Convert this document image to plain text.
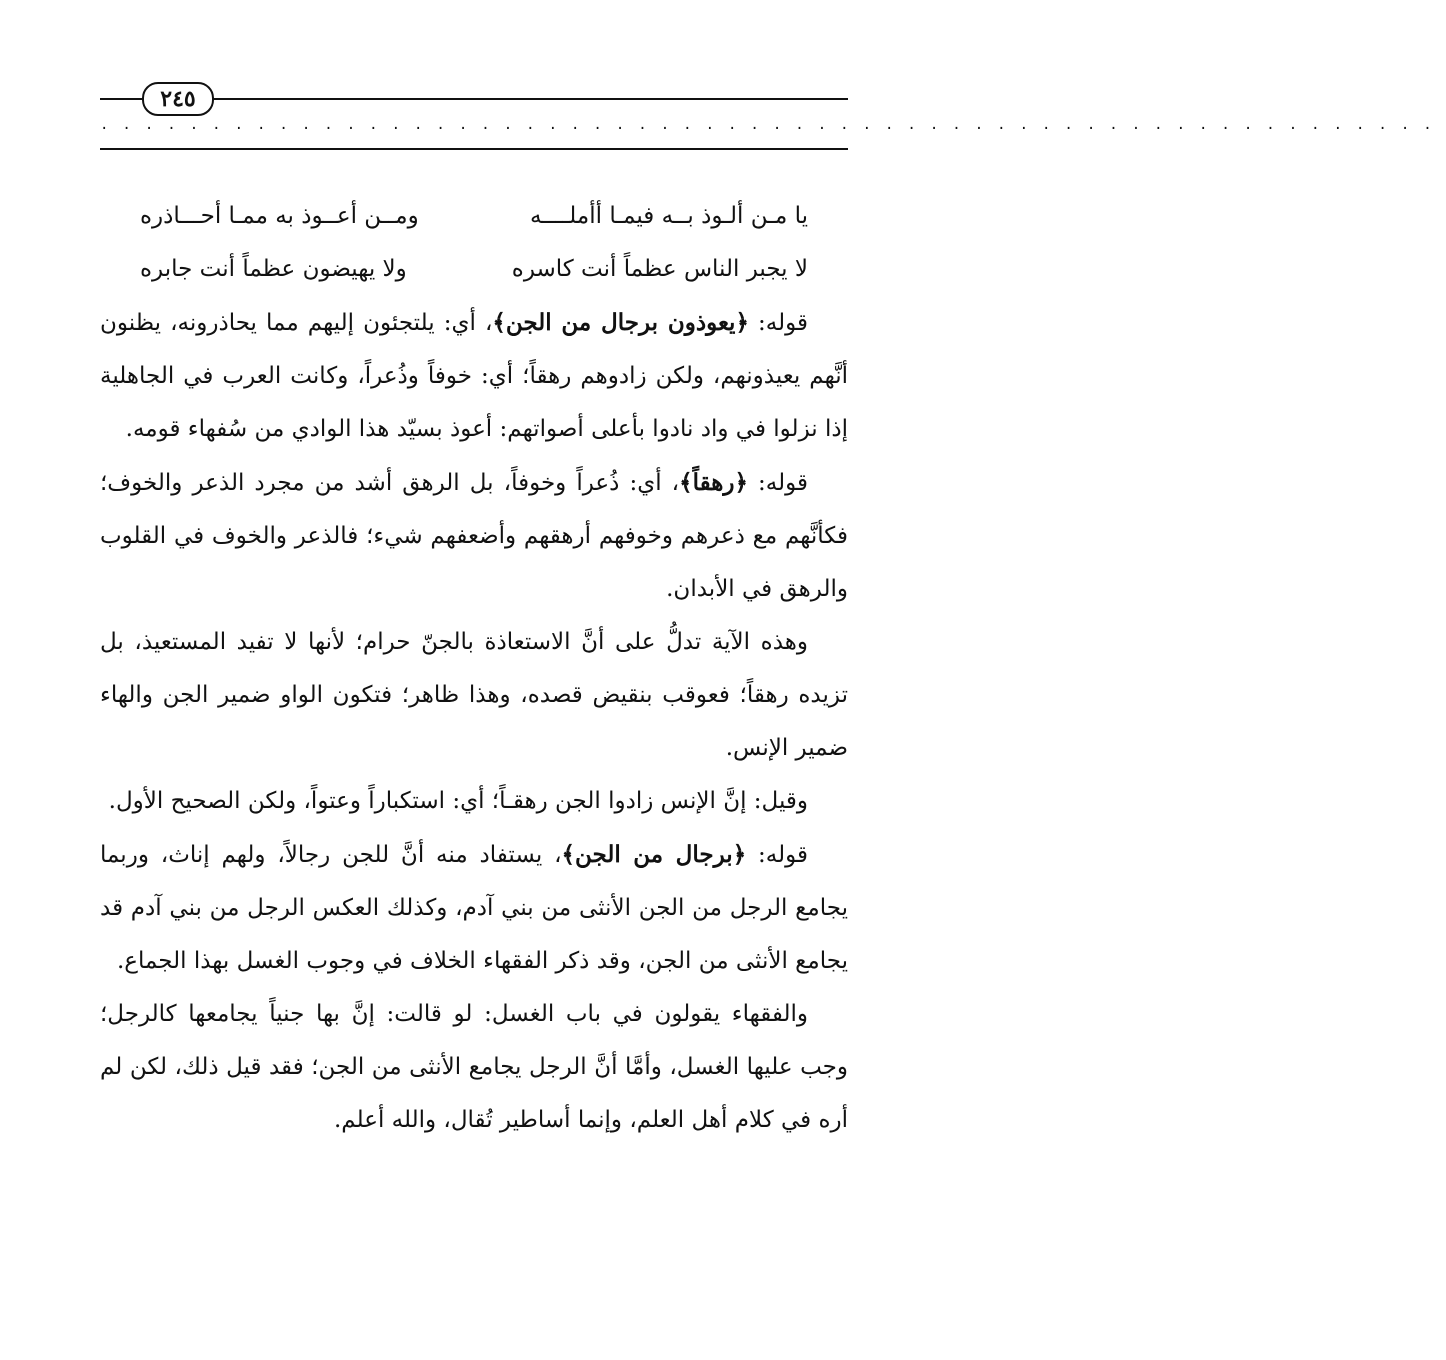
٢٤٥
............................................................
يا مـن ألـوذ بــه فيمـا أأملــــه
ومــن أعــوذ به ممـا أحـــاذره
لا يجبر الناس عظماً أنت كاسره
ولا يهيضون عظماً أنت جابره

قوله: ﴿يعوذون برجال من الجن﴾، أي: يلتجئون إليهم مما يحاذرونه، يظنون أنَّهم يعيذونهم، ولكن زادوهم رهقاً؛ أي: خوفاً وذُعراً، وكانت العرب في الجاهلية إذا نزلوا في واد نادوا بأعلى أصواتهم: أعوذ بسيّد هذا الوادي من سُفهاء قومه.

قوله: ﴿رهقاً﴾، أي: ذُعراً وخوفاً، بل الرهق أشد من مجرد الذعر والخوف؛ فكأنَّهم مع ذعرهم وخوفهم أرهقهم وأضعفهم شيء؛ فالذعر والخوف في القلوب والرهق في الأبدان.

وهذه الآية تدلُّ على أنَّ الاستعاذة بالجنّ حرام؛ لأنها لا تفيد المستعيذ، بل تزيده رهقاً؛ فعوقب بنقيض قصده، وهذا ظاهر؛ فتكون الواو ضمير الجن والهاء ضمير الإنس.

وقيل: إنَّ الإنس زادوا الجن رهقـاً؛ أي: استكباراً وعتواً، ولكن الصحيح الأول.

قوله: ﴿برجال من الجن﴾، يستفاد منه أنَّ للجن رجالاً، ولهم إناث، وربما يجامع الرجل من الجن الأنثى من بني آدم، وكذلك العكس الرجل من بني آدم قد يجامع الأنثى من الجن، وقد ذكر الفقهاء الخلاف في وجوب الغسل بهذا الجماع.

والفقهاء يقولون في باب الغسل: لو قالت: إنَّ بها جنياً يجامعها كالرجل؛ وجب عليها الغسل، وأمَّا أنَّ الرجل يجامع الأنثى من الجن؛ فقد قيل ذلك، لكن لم أره في كلام أهل العلم، وإنما أساطير تُقال، والله أعلم.
